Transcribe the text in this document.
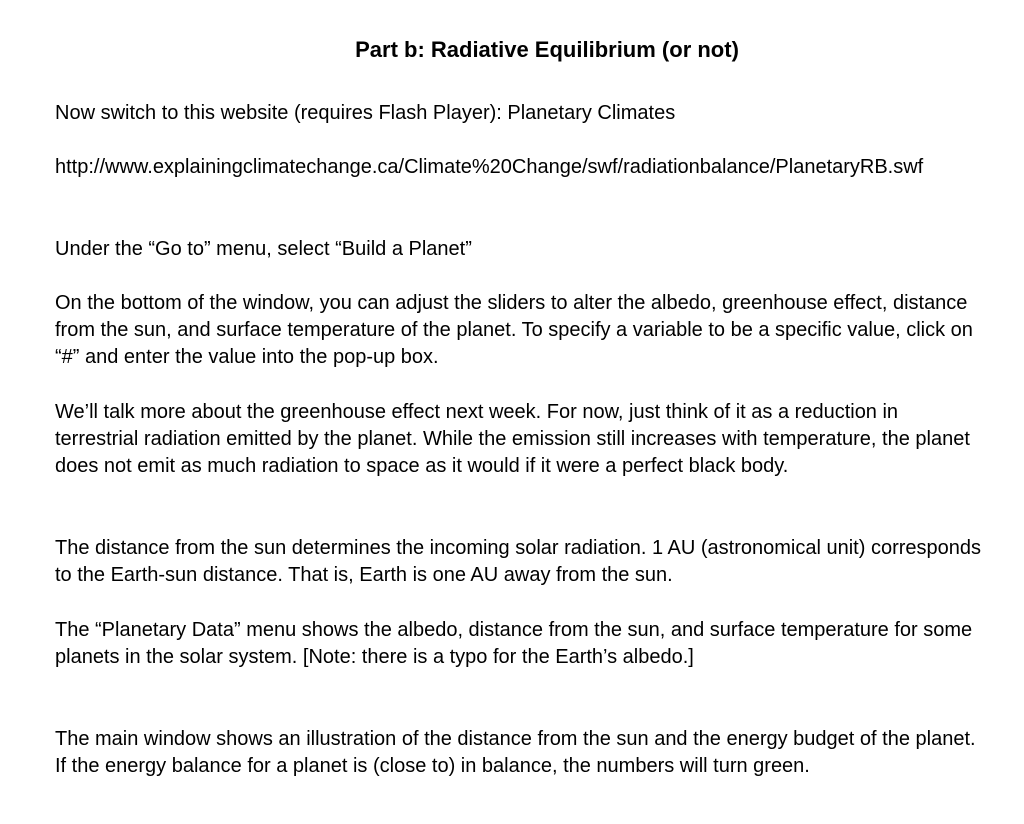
Part b: Radiative Equilibrium (or not)

Now switch to this website (requires Flash Player): Planetary Climates

http://www.explainingclimatechange.ca/Climate%20Change/swf/radiationbalance/PlanetaryRB.swf

Under the “Go to” menu, select “Build a Planet”

On the bottom of the window, you can adjust the sliders to alter the albedo, greenhouse effect, distance from the sun, and surface temperature of the planet. To specify a variable to be a specific value, click on “#” and enter the value into the pop-up box.

We’ll talk more about the greenhouse effect next week. For now, just think of it as a reduction in terrestrial radiation emitted by the planet. While the emission still increases with temperature, the planet does not emit as much radiation to space as it would if it were a perfect black body.

The distance from the sun determines the incoming solar radiation. 1 AU (astronomical unit) corresponds to the Earth-sun distance. That is, Earth is one AU away from the sun.

The “Planetary Data” menu shows the albedo, distance from the sun, and surface temperature for some planets in the solar system. [Note: there is a typo for the Earth’s albedo.]

The main window shows an illustration of the distance from the sun and the energy budget of the planet. If the energy balance for a planet is (close to) in balance, the numbers will turn green.
